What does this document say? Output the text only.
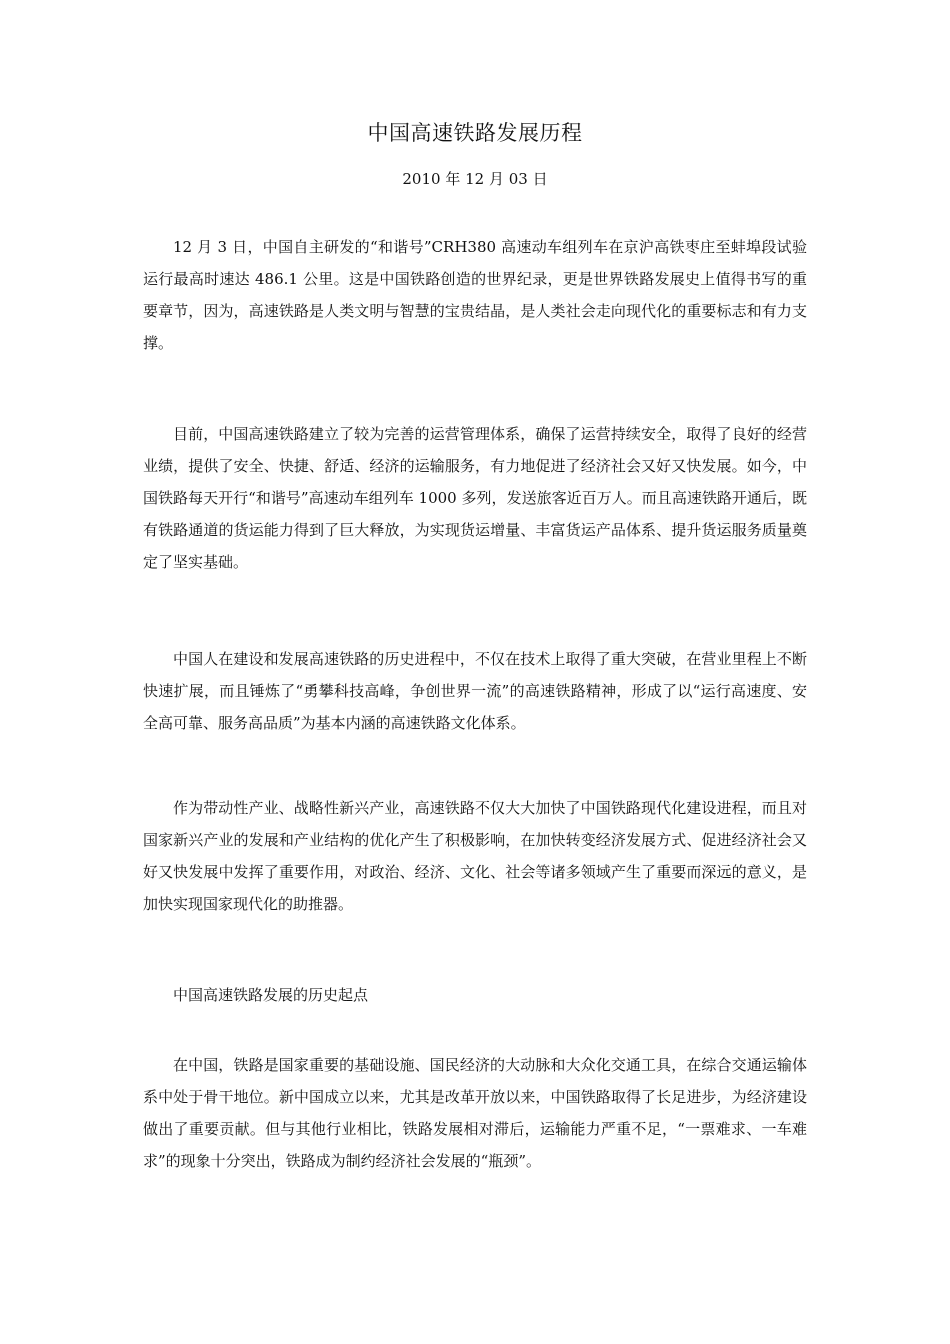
中国高速铁路发展历程
2010 年 12 月 03 日

12 月 3 日，中国自主研发的“和谐号”CRH380 高速动车组列车在京沪高铁枣庄至蚌埠段试验运行最高时速达 486.1 公里。这是中国铁路创造的世界纪录，更是世界铁路发展史上值得书写的重要章节，因为，高速铁路是人类文明与智慧的宝贵结晶，是人类社会走向现代化的重要标志和有力支撑。

目前，中国高速铁路建立了较为完善的运营管理体系，确保了运营持续安全，取得了良好的经营业绩，提供了安全、快捷、舒适、经济的运输服务，有力地促进了经济社会又好又快发展。如今，中国铁路每天开行“和谐号”高速动车组列车 1000 多列，发送旅客近百万人。而且高速铁路开通后，既有铁路通道的货运能力得到了巨大释放，为实现货运增量、丰富货运产品体系、提升货运服务质量奠定了坚实基础。

中国人在建设和发展高速铁路的历史进程中，不仅在技术上取得了重大突破，在营业里程上不断快速扩展，而且锤炼了“勇攀科技高峰，争创世界一流”的高速铁路精神，形成了以“运行高速度、安全高可靠、服务高品质”为基本内涵的高速铁路文化体系。

作为带动性产业、战略性新兴产业，高速铁路不仅大大加快了中国铁路现代化建设进程，而且对国家新兴产业的发展和产业结构的优化产生了积极影响，在加快转变经济发展方式、促进经济社会又好又快发展中发挥了重要作用，对政治、经济、文化、社会等诸多领域产生了重要而深远的意义，是加快实现国家现代化的助推器。

中国高速铁路发展的历史起点

在中国，铁路是国家重要的基础设施、国民经济的大动脉和大众化交通工具，在综合交通运输体系中处于骨干地位。新中国成立以来，尤其是改革开放以来，中国铁路取得了长足进步，为经济建设做出了重要贡献。但与其他行业相比，铁路发展相对滞后，运输能力严重不足，“一票难求、一车难求”的现象十分突出，铁路成为制约经济社会发展的“瓶颈”。
